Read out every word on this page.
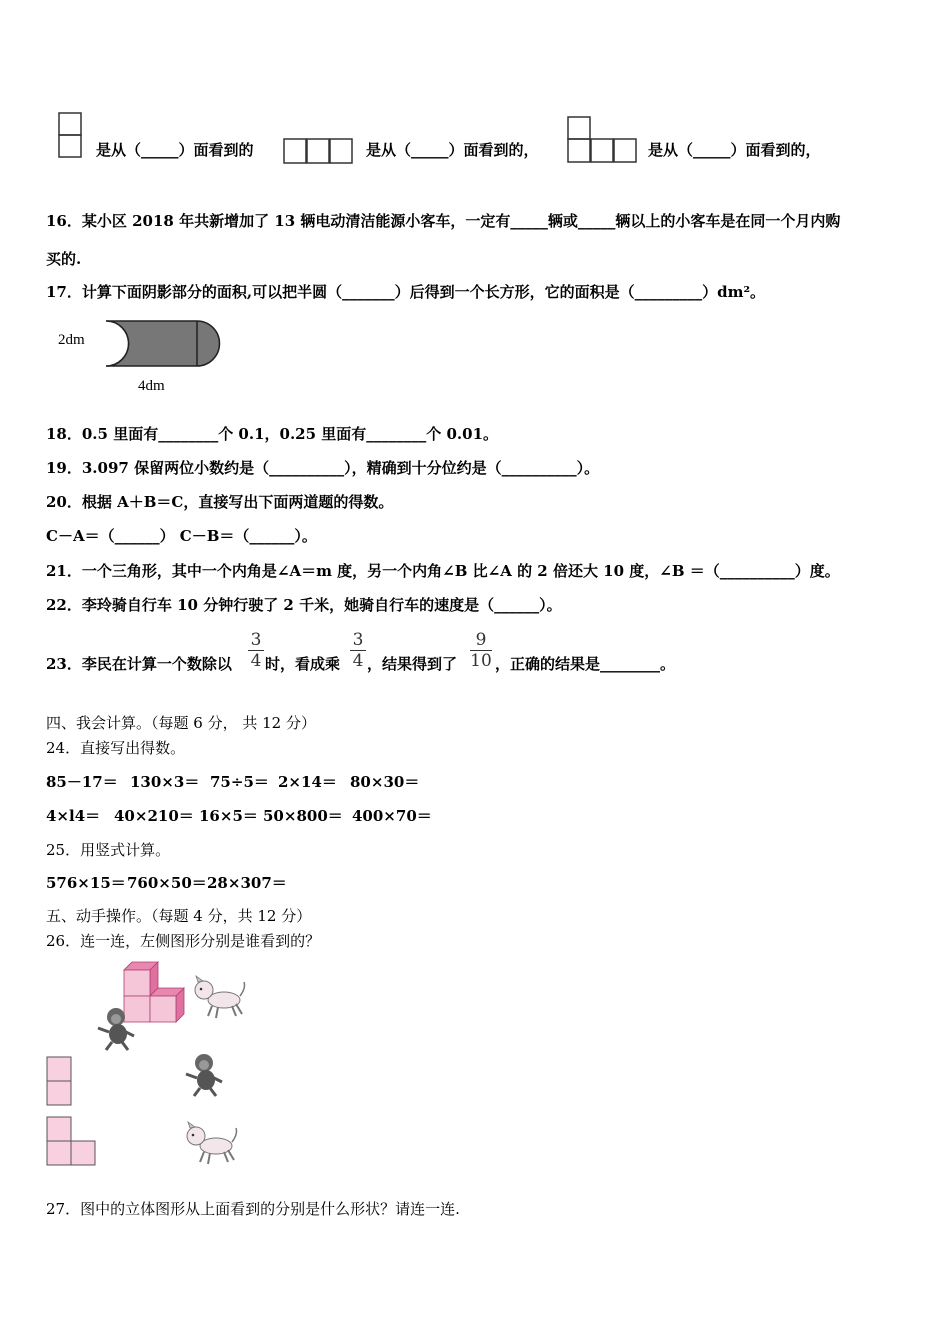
是从（_____）面看到的	是从（_____）面看到的，	是从（_____）面看到的，
16．某小区 2018 年共新增加了 13 辆电动清洁能源小客车，一定有_____辆或_____辆以上的小客车是在同一个月内购
买的.
17．计算下面阴影部分的面积,可以把半圆（_______）后得到一个长方形，它的面积是（_________）dm²。
2dm
4dm
18．0.5 里面有________个 0.1，0.25 里面有________个 0.01。
19．3.097 保留两位小数约是（__________），精确到十分位约是（__________）。
20．根据 A＋B＝C，直接写出下面两道题的得数。
C－A＝（______） C－B＝（______）。
21．一个三角形，其中一个内角是∠A＝m 度，另一个内角∠B 比∠A 的 2 倍还大 10 度，∠B ＝（__________）度。
22．李玲骑自行车 10 分钟行驶了 2 千米，她骑自行车的速度是（______）。
23．李民在计算一个数除以
3
4 时，看成乘
3
4 ，结果得到了
9
10 ，正确的结果是________。
四、我会计算。（每题 6 分， 共 12 分）
24．直接写出得数。
85－17＝ 130×3＝ 75÷5＝ 2×14＝ 80×30＝
4×l4＝ 40×210＝ 16×5＝ 50×800＝ 400×70＝
25．用竖式计算。
576×15＝ 760×50＝ 28×307＝
五、动手操作。（每题 4 分，共 12 分）
26．连一连，左侧图形分别是谁看到的？
27．图中的立体图形从上面看到的分别是什么形状？请连一连.
